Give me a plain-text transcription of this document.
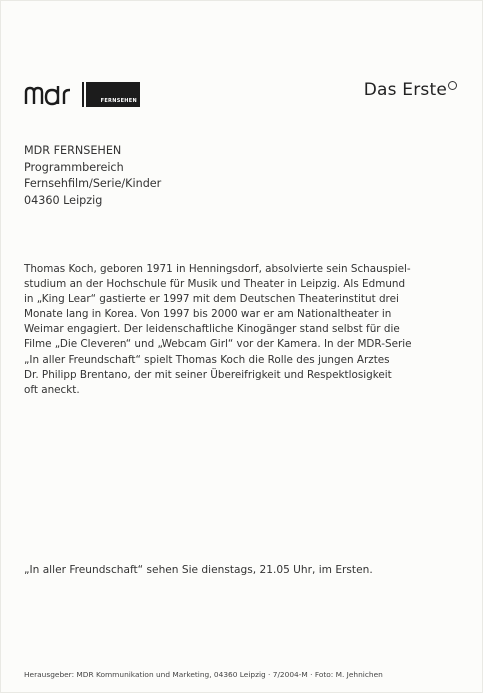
FERNSEHEN
Das Erste
MDR FERNSEHEN
Programmbereich
Fernsehfilm/Serie/Kinder
04360 Leipzig
Thomas Koch, geboren 1971 in Henningsdorf, absolvierte sein Schauspiel-
studium an der Hochschule für Musik und Theater in Leipzig. Als Edmund
in „King Lear“ gastierte er 1997 mit dem Deutschen Theaterinstitut drei
Monate lang in Korea. Von 1997 bis 2000 war er am Nationaltheater in
Weimar engagiert. Der leidenschaftliche Kinogänger stand selbst für die
Filme „Die Cleveren“ und „Webcam Girl“ vor der Kamera. In der MDR-Serie
„In aller Freundschaft“ spielt Thomas Koch die Rolle des jungen Arztes
Dr. Philipp Brentano, der mit seiner Übereifrigkeit und Respektlosigkeit
oft aneckt.
„In aller Freundschaft“ sehen Sie dienstags, 21.05 Uhr, im Ersten.
Herausgeber: MDR Kommunikation und Marketing, 04360 Leipzig · 7/2004-M · Foto: M. Jehnichen
